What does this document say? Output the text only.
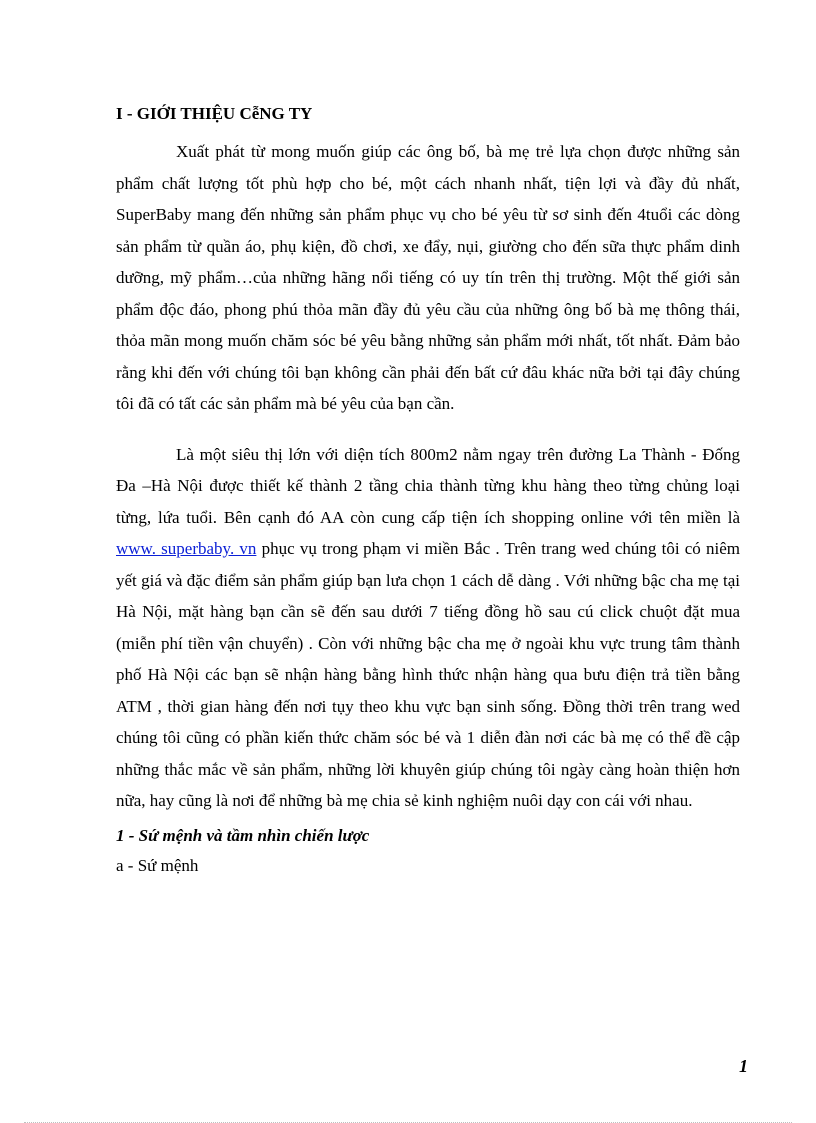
I - GIỚI THIỆU CễNG TY

Xuất phát từ mong muốn giúp các ông bố, bà mẹ trẻ lựa chọn được những sản phẩm chất lượng tốt phù hợp cho bé, một cách nhanh nhất, tiện lợi và đầy đủ nhất, SuperBaby mang đến những sản phẩm phục vụ cho bé yêu từ sơ sinh đến 4tuổi các dòng sản phẩm từ quần áo, phụ kiện, đồ chơi, xe đẩy, nụi, giường cho đến sữa thực phẩm dinh dưỡng, mỹ phẩm…của những hãng nổi tiếng có uy tín trên thị trường. Một thế giới sản phẩm độc đáo, phong phú thỏa mãn đầy đủ yêu cầu của những ông bố bà mẹ thông thái, thỏa mãn mong muốn chăm sóc bé yêu bằng những sản phẩm mới nhất, tốt nhất. Đảm bảo rằng khi đến với chúng tôi bạn không cần phải đến bất cứ đâu khác nữa bởi tại đây chúng tôi đã có tất các sản phẩm mà bé yêu của bạn cần.

Là một siêu thị lớn với diện tích 800m2 nằm ngay trên đường La Thành - Đống Đa –Hà Nội được thiết kế thành 2 tầng chia thành từng khu hàng theo từng chủng loại từng, lứa tuổi. Bên cạnh đó AA còn cung cấp tiện ích shopping online với tên miền là www. superbaby. vn phục vụ trong phạm vi miền Bắc . Trên trang wed chúng tôi có niêm yết giá và đặc điểm sản phẩm giúp bạn lưa chọn 1 cách dễ dàng . Với những bậc cha mẹ tại Hà Nội, mặt hàng bạn cần sẽ đến sau dưới 7 tiếng đồng hồ sau cú click chuột đặt mua (miễn phí tiền vận chuyển) . Còn với những bậc cha mẹ ở ngoài khu vực trung tâm thành phố Hà Nội các bạn sẽ nhận hàng bằng hình thức nhận hàng qua bưu điện trả tiền bằng ATM , thời gian hàng đến nơi tụy theo khu vực bạn sinh sống. Đồng thời trên trang wed chúng tôi cũng có phần kiến thức chăm sóc bé và 1 diễn đàn nơi các bà mẹ có thể đề cập những thắc mắc về sản phẩm, những lời khuyên giúp chúng tôi ngày càng hoàn thiện hơn nữa, hay cũng là nơi để những bà mẹ chia sẻ kinh nghiệm nuôi dạy con cái với nhau.

1 - Sứ mệnh và tầm nhìn chiến lược
a - Sứ mệnh
1
